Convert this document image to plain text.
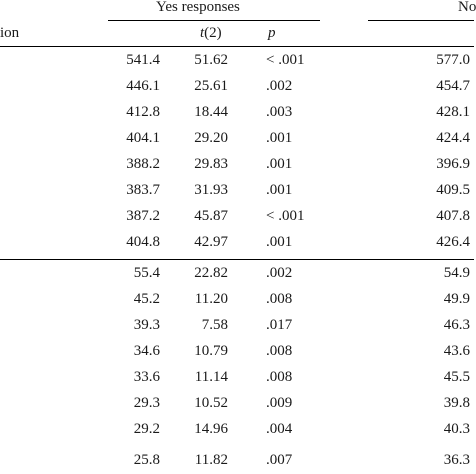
Yes responses	No
ion	t(2)	p
541.4 51.62	< .001	577.0
446.1 25.61	.002	454.7
412.8 18.44	.003	428.1
404.1 29.20	.001	424.4
388.2 29.83	.001	396.9
383.7 31.93	.001	409.5
387.2 45.87	< .001	407.8
404.8 42.97	.001	426.4
55.4 22.82	.002	54.9
45.2 11.20	.008	49.9
39.3	7.58	.017	46.3
34.6 10.79	.008	43.6
33.6 11.14	.008	45.5
29.3 10.52	.009	39.8
29.2 14.96	.004	40.3
25.8 11.82	.007	36.3
